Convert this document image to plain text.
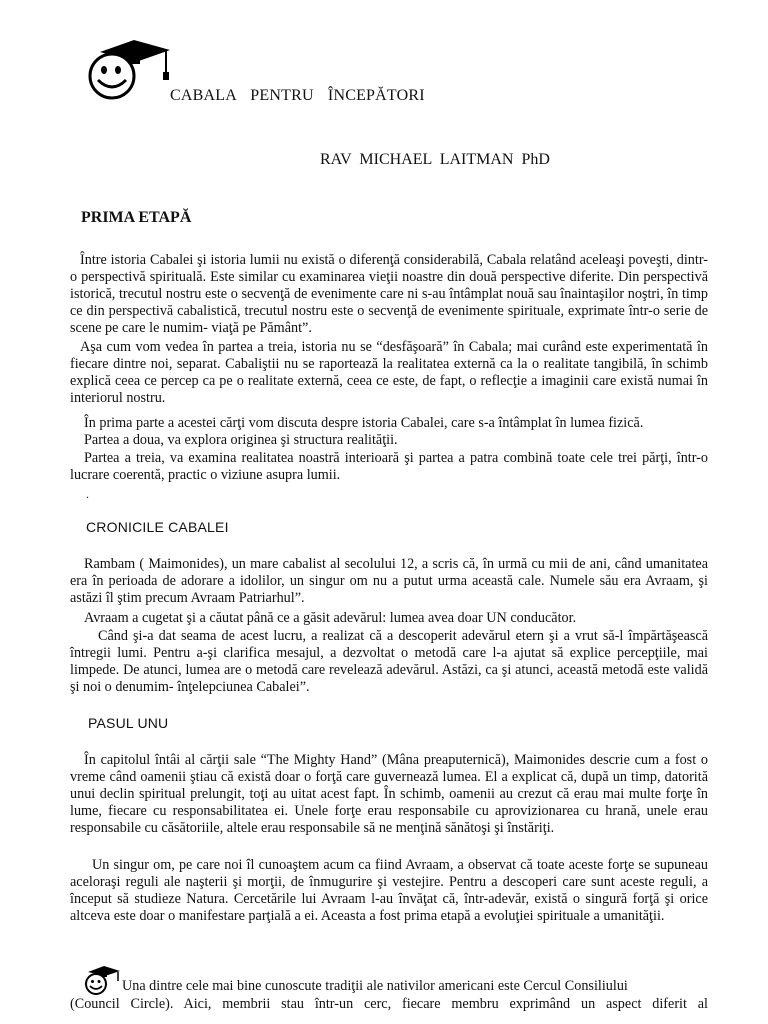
CABALA PENTRU ÎNCEPĂTORI
RAV MICHAEL LAITMAN PhD
PRIMA ETAPĂ

Între istoria Cabalei şi istoria lumii nu există o diferenţă considerabilă, Cabala relatând aceleaşi poveşti, dintr-o perspectivă spirituală. Este similar cu examinarea vieţii noastre din două perspective diferite. Din perspectivă istorică, trecutul nostru este o secvenţă de evenimente care ni s-au întâmplat nouă sau înaintaşilor noştri, în timp ce din perspectivă cabalistică, trecutul nostru este o secvenţă de evenimente spirituale, exprimate într-o serie de scene pe care le numim- viaţă pe Pământ”.

Aşa cum vom vedea în partea a treia, istoria nu se “desfăşoară” în Cabala; mai curând este experimentată în fiecare dintre noi, separat. Cabaliştii nu se raportează la realitatea externă ca la o realitate tangibilă, în schimb explică ceea ce percep ca pe o realitate externă, ceea ce este, de fapt, o reflecţie a imaginii care există numai în interiorul nostru.

În prima parte a acestei cărţi vom discuta despre istoria Cabalei, care s-a întâmplat în lumea fizică.

Partea a doua, va explora originea şi structura realităţii.

Partea a treia, va examina realitatea noastră interioară şi partea a patra combină toate cele trei părţi, într-o lucrare coerentă, practic o viziune asupra lumii.

.
CRONICILE CABALEI

Rambam ( Maimonides), un mare cabalist al secolului 12, a scris că, în urmă cu mii de ani, când umanitatea era în perioada de adorare a idolilor, un singur om nu a putut urma această cale. Numele său era Avraam, şi astăzi îl ştim precum Avraam Patriarhul”.

Avraam a cugetat şi a căutat până ce a găsit adevărul: lumea avea doar UN conducător.

Când şi-a dat seama de acest lucru, a realizat că a descoperit adevărul etern şi a vrut să-l împărtăşească întregii lumi. Pentru a-şi clarifica mesajul, a dezvoltat o metodă care l-a ajutat să explice percepţiile, mai limpede. De atunci, lumea are o metodă care revelează adevărul. Astăzi, ca şi atunci, această metodă este validă şi noi o denumim- înţelepciunea Cabalei”.

PASUL UNU

În capitolul întâi al cărţii sale “The Mighty Hand” (Mâna preaputernică), Maimonides descrie cum a fost o vreme când oamenii ştiau că există doar o forţă care guvernează lumea. El a explicat că, după un timp, datorită unui declin spiritual prelungit, toţi au uitat acest fapt. În schimb, oamenii au crezut că erau mai multe forţe în lume, fiecare cu responsabilitatea ei. Unele forţe erau responsabile cu aprovizionarea cu hrană, unele erau responsabile cu căsătoriile, altele erau responsabile să ne menţină sănătoşi şi înstăriţi.

Un singur om, pe care noi îl cunoaştem acum ca fiind Avraam, a observat că toate aceste forţe se supuneau aceloraşi reguli ale naşterii şi morţii, de înmugurire şi vestejire. Pentru a descoperi care sunt aceste reguli, a început să studieze Natura. Cercetările lui Avraam l-au învăţat că, într-adevăr, există o singură forţă şi orice altceva este doar o manifestare parţială a ei. Aceasta a fost prima etapă a evoluţiei spirituale a umanităţii.

Una dintre cele mai bine cunoscute tradiţii ale nativilor americani este Cercul Consiliului

(Council Circle). Aici, membrii stau într-un cerc, fiecare membru exprimând un aspect diferit al
